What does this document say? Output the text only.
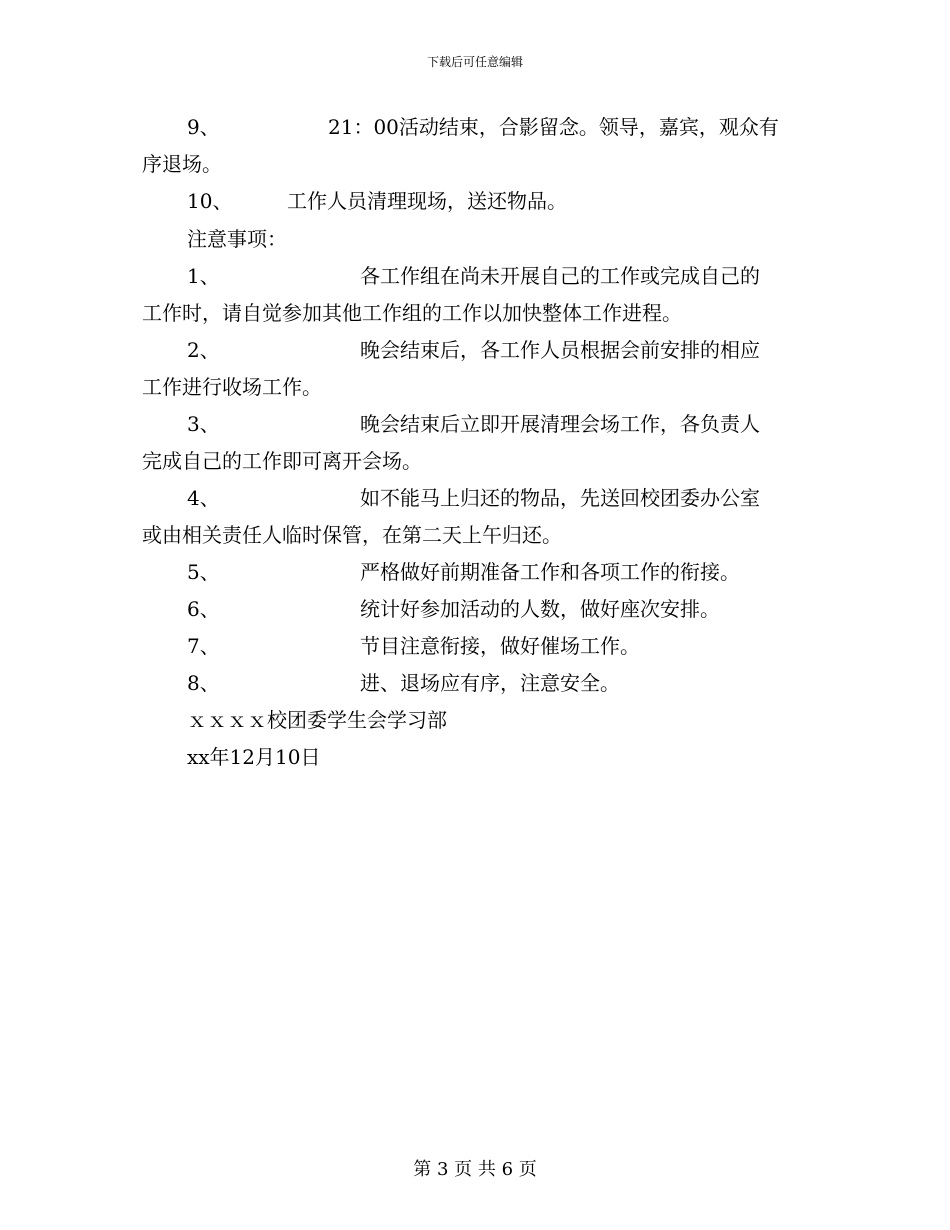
下载后可任意编辑
9、	21：00活动结束，合影留念。领导，嘉宾，观众有
序退场。
10、	工作人员清理现场，送还物品。
注意事项：
1、	各工作组在尚未开展自己的工作或完成自己的
工作时，请自觉参加其他工作组的工作以加快整体工作进程。
2、	晚会结束后，各工作人员根据会前安排的相应
工作进行收场工作。
3、	晚会结束后立即开展清理会场工作，各负责人
完成自己的工作即可离开会场。
4、	如不能马上归还的物品，先送回校团委办公室
或由相关责任人临时保管，在第二天上午归还。
5、	严格做好前期准备工作和各项工作的衔接。
6、	统计好参加活动的人数，做好座次安排。
7、	节目注意衔接，做好催场工作。
8、	进、退场应有序，注意安全。
ｘｘｘｘ校团委学生会学习部
xx年12月10日
第 3 页 共 6 页
